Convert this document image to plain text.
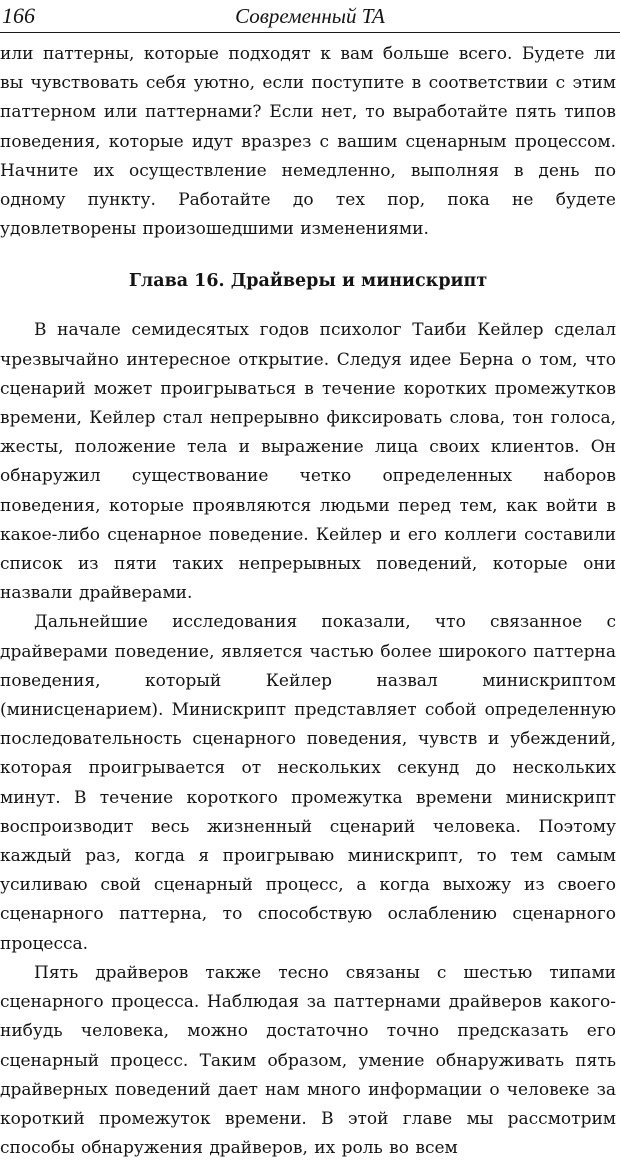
166	Современный ТА

или паттерны, которые подходят к вам больше всего. Будете ли вы чувствовать себя уютно, если поступите в соответствии с этим паттерном или паттернами? Если нет, то выработайте пять типов поведения, которые идут вразрез с вашим сценарным процессом. Начните их осуществление немедленно, выполняя в день по одному пункту. Работайте до тех пор, пока не будете удовлетворены произошедшими изменениями.

Глава 16. Драйверы и миниcкрипт

В начале семидесятых годов психолог Таиби Кейлер сделал чрезвычайно интересное открытие. Следуя идее Берна о том, что сценарий может проигрываться в течение коротких промежутков времени, Кейлер стал непрерывно фиксировать слова, тон голоса, жесты, положение тела и выражение лица своих клиентов. Он обнаружил существование четко определенных наборов поведения, которые проявляются людьми перед тем, как войти в какое-либо сценарное поведение. Кейлер и его коллеги составили список из пяти таких непрерывных поведений, которые они назвали драйверами.

Дальнейшие исследования показали, что связанное с драйверами поведение, является частью более широкого паттерна поведения, который Кейлер назвал минискриптом (минисценарием). Минискрипт представляет собой определенную последовательность сценарного поведения, чувств и убеждений, которая проигрывается от нескольких секунд до нескольких минут. В течение короткого промежутка времени минискрипт воспроизводит весь жизненный сценарий человека. Поэтому каждый раз, когда я проигрываю минискрипт, то тем самым усиливаю свой сценарный процесс, а когда выхожу из своего сценарного паттерна, то способствую ослаблению сценарного процесса.

Пять драйверов также тесно связаны с шестью типами сценарного процесса. Наблюдая за паттернами драйверов какого-нибудь человека, можно достаточно точно предсказать его сценарный процесс. Таким образом, умение обнаруживать пять драйверных поведений дает нам много информации о человеке за короткий промежуток времени. В этой главе мы рассмотрим способы обнаружения драйверов, их роль во всем
